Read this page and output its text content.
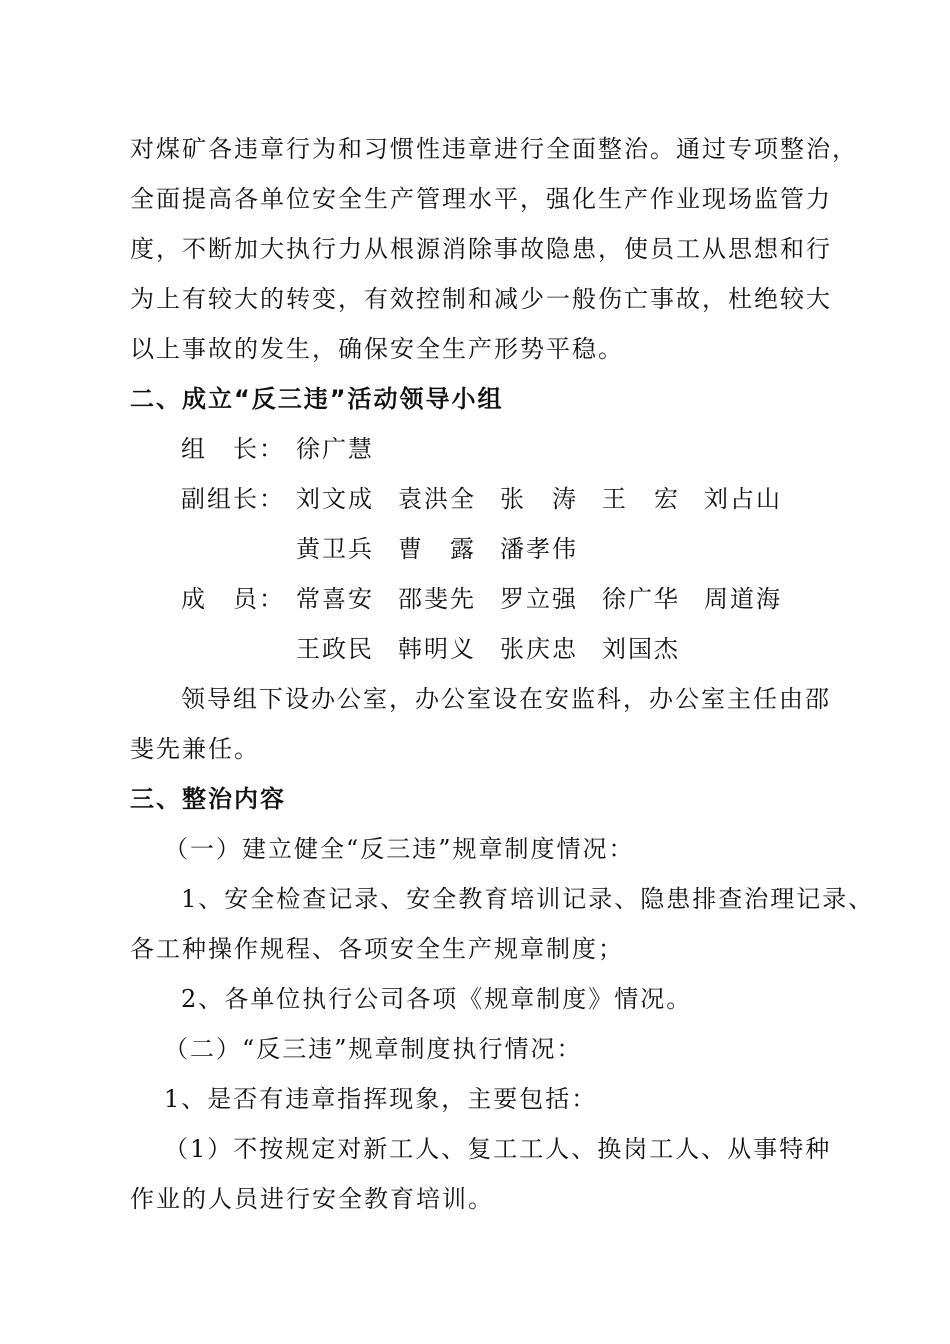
对煤矿各违章行为和习惯性违章进行全面整治。通过专项整治，
全面提高各单位安全生产管理水平，强化生产作业现场监管力
度，不断加大执行力从根源消除事故隐患，使员工从思想和行
为上有较大的转变，有效控制和减少一般伤亡事故，杜绝较大
以上事故的发生，确保安全生产形势平稳。
二、成立“反三违”活动领导小组
组　长： 徐广慧
副组长： 刘文成 袁洪全 张　涛 王　宏 刘占山
黄卫兵 曹　露 潘孝伟
成　员： 常喜安 邵斐先 罗立强 徐广华 周道海
王政民 韩明义 张庆忠 刘国杰
领导组下设办公室，办公室设在安监科，办公室主任由邵
斐先兼任。
三、整治内容
（一）建立健全“反三违”规章制度情况：
1、安全检查记录、安全教育培训记录、隐患排查治理记录、
各工种操作规程、各项安全生产规章制度；
2、各单位执行公司各项《规章制度》情况。
（二）“反三违”规章制度执行情况：
1、是否有违章指挥现象，主要包括：
（1）不按规定对新工人、复工工人、换岗工人、从事特种
作业的人员进行安全教育培训。
